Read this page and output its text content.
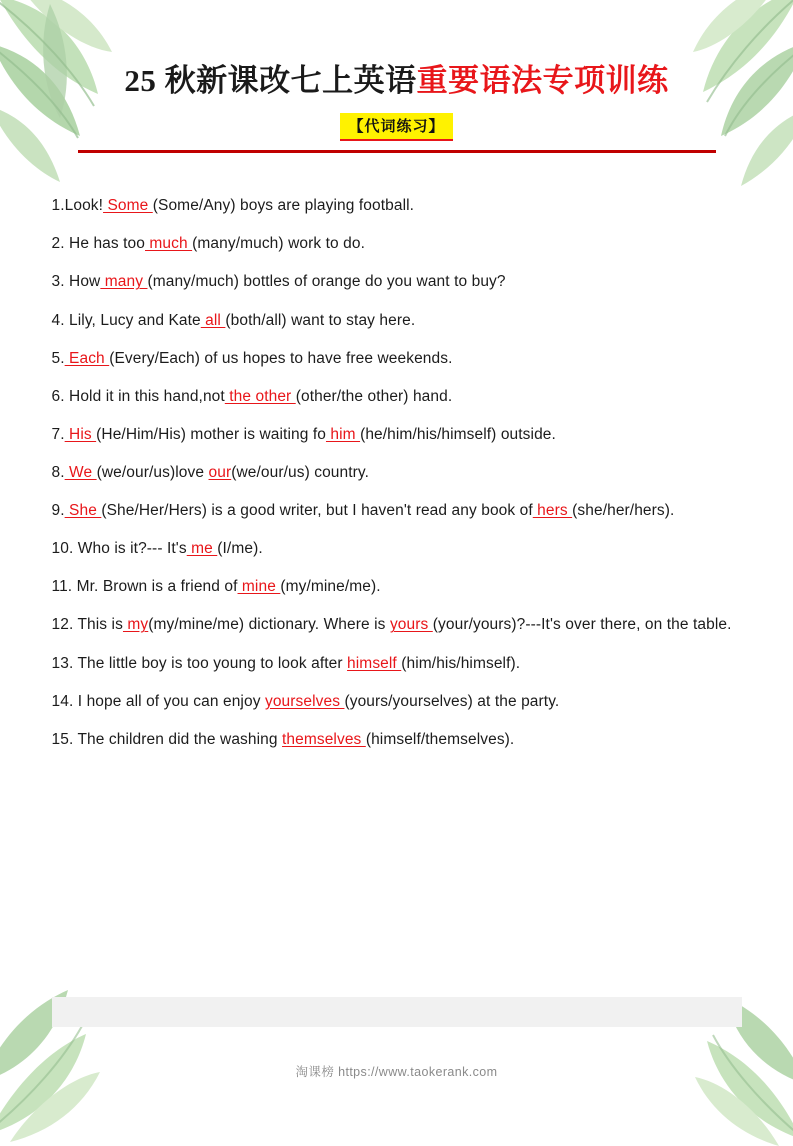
25 秋新课改七上英语重要语法专项训练
【代词练习】

1.Look! Some (Some/Any) boys are playing football.

2. He has too much (many/much) work to do.

3. How many (many/much) bottles of orange do you want to buy?

4. Lily, Lucy and Kate all (both/all) want to stay here.

5. Each (Every/Each) of us hopes to have free weekends.

6. Hold it in this hand,not the other (other/the other) hand.

7. His (He/Him/His) mother is waiting fo him (he/him/his/himself) outside.

8. We (we/our/us)love our(we/our/us) country.

9. She (She/Her/Hers) is a good writer, but I haven't read any book of hers (she/her/hers).

10. Who is it?--- It's me (I/me).

11. Mr. Brown is a friend of mine (my/mine/me).

12. This is my(my/mine/me) dictionary. Where is yours (your/yours)?---It's over there, on the table.

13. The little boy is too young to look after himself (him/his/himself).

14. I hope all of you can enjoy yourselves (yours/yourselves) at the party.

15. The children did the washing themselves (himself/themselves).

淘课榜 https://www.taokerank.com
